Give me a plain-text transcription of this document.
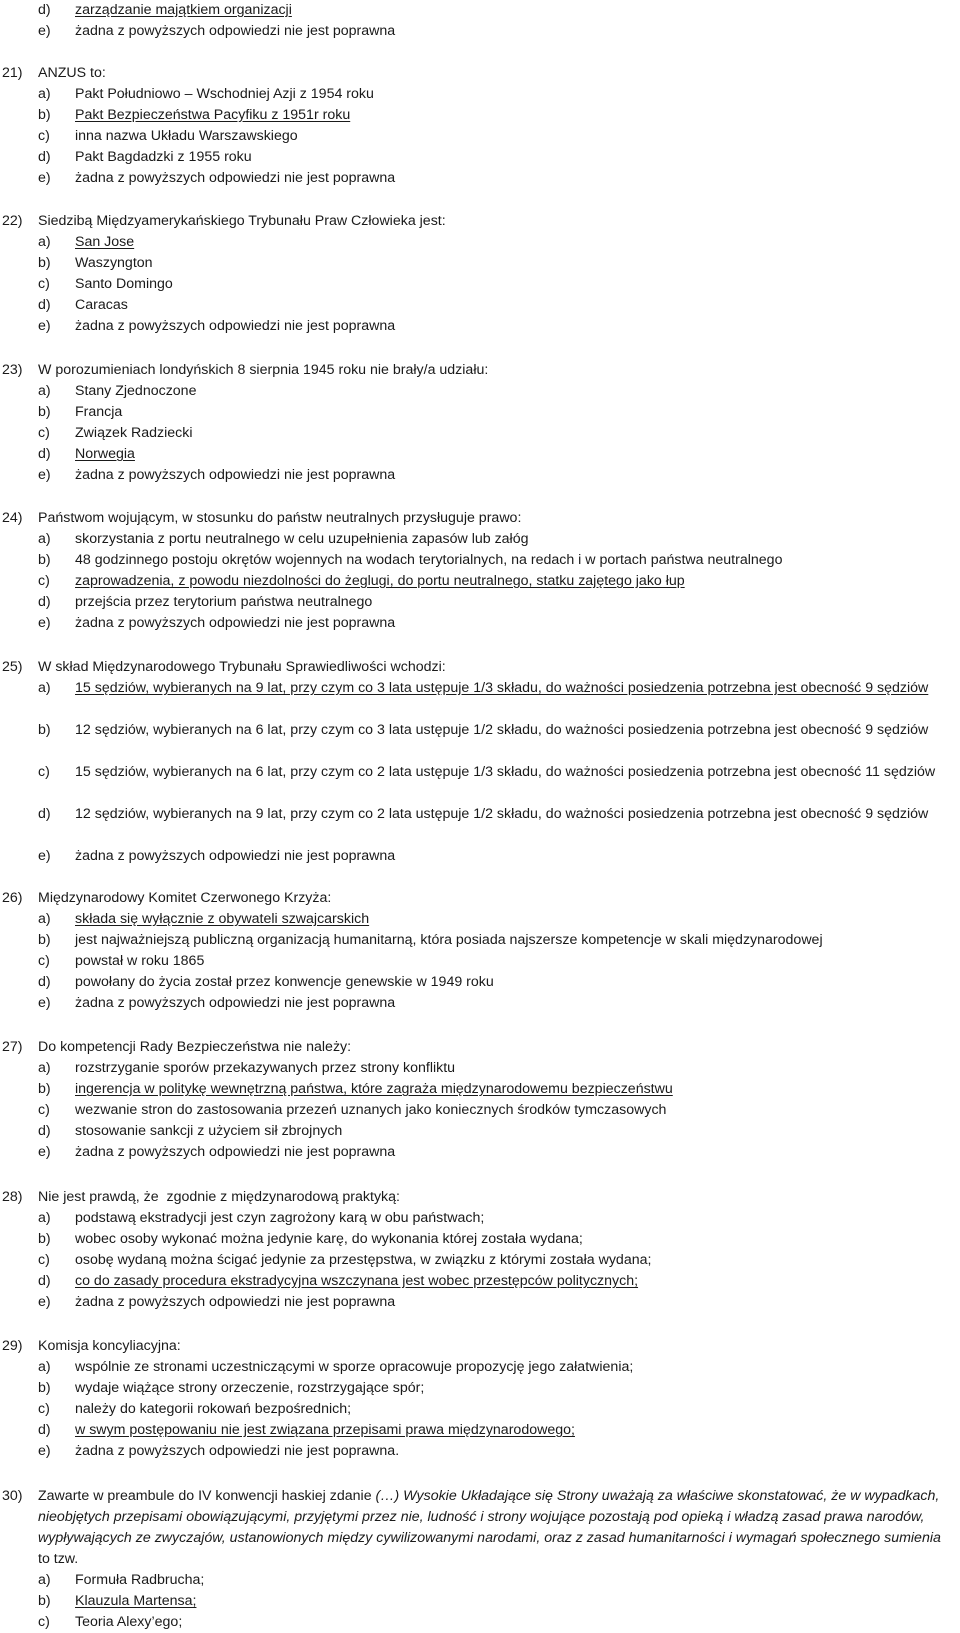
d) zarządzanie majątkiem organizacji
e) żadna z powyższych odpowiedzi nie jest poprawna
21) ANZUS to:
a) Pakt Południowo – Wschodniej Azji z 1954 roku
b) Pakt Bezpieczeństwa Pacyfiku z 1951r roku
c) inna nazwa Układu Warszawskiego
d) Pakt Bagdadzki z 1955 roku
e) żadna z powyższych odpowiedzi nie jest poprawna
22) Siedzibą Międzyamerykańskiego Trybunału Praw Człowieka jest:
a) San Jose
b) Waszyngton
c) Santo Domingo
d) Caracas
e) żadna z powyższych odpowiedzi nie jest poprawna
23) W porozumieniach londyńskich 8 sierpnia 1945 roku nie brały/a udziału:
a) Stany Zjednoczone
b) Francja
c) Związek Radziecki
d) Norwegia
e) żadna z powyższych odpowiedzi nie jest poprawna
24) Państwom wojującym, w stosunku do państw neutralnych przysługuje prawo:
a) skorzystania z portu neutralnego w celu uzupełnienia zapasów lub załóg
b) 48 godzinnego postoju okrętów wojennych na wodach terytorialnych, na redach i w portach państwa neutralnego
c) zaprowadzenia, z powodu niezdolności do żeglugi, do portu neutralnego, statku zajętego jako łup
d) przejścia przez terytorium państwa neutralnego
e) żadna z powyższych odpowiedzi nie jest poprawna
25) W skład Międzynarodowego Trybunału Sprawiedliwości wchodzi:
a) 15 sędziów, wybieranych na 9 lat, przy czym co 3 lata ustępuje 1/3 składu, do ważności posiedzenia potrzebna jest obecność 9 sędziów
b) 12 sędziów, wybieranych na 6 lat, przy czym co 3 lata ustępuje 1/2 składu, do ważności posiedzenia potrzebna jest obecność 9 sędziów
c) 15 sędziów, wybieranych na 6 lat, przy czym co 2 lata ustępuje 1/3 składu, do ważności posiedzenia potrzebna jest obecność 11 sędziów
d) 12 sędziów, wybieranych na 9 lat, przy czym co 2 lata ustępuje 1/2 składu, do ważności posiedzenia potrzebna jest obecność 9 sędziów
e) żadna z powyższych odpowiedzi nie jest poprawna
26) Międzynarodowy Komitet Czerwonego Krzyża:
a) składa się wyłącznie z obywateli szwajcarskich
b) jest najważniejszą publiczną organizacją humanitarną, która posiada najszersze kompetencje w skali międzynarodowej
c) powstał w roku 1865
d) powołany do życia został przez konwencje genewskie w 1949 roku
e) żadna z powyższych odpowiedzi nie jest poprawna
27) Do kompetencji Rady Bezpieczeństwa nie należy:
a) rozstrzyganie sporów przekazywanych przez strony konfliktu
b) ingerencja w politykę wewnętrzną państwa, które zagraża międzynarodowemu bezpieczeństwu
c) wezwanie stron do zastosowania przezeń uznanych jako koniecznych środków tymczasowych
d) stosowanie sankcji z użyciem sił zbrojnych
e) żadna z powyższych odpowiedzi nie jest poprawna
28) Nie jest prawdą, że  zgodnie z międzynarodową praktyką:
a) podstawą ekstradycji jest czyn zagrożony karą w obu państwach;
b) wobec osoby wykonać można jedynie karę, do wykonania której została wydana;
c) osobę wydaną można ścigać jedynie za przestępstwa, w związku z którymi została wydana;
d) co do zasady procedura ekstradycyjna wszczynana jest wobec przestępców politycznych;
e) żadna z powyższych odpowiedzi nie jest poprawna
29) Komisja koncyliacyjna:
a) wspólnie ze stronami uczestniczącymi w sporze opracowuje propozycję jego załatwienia;
b) wydaje wiążące strony orzeczenie, rozstrzygające spór;
c) należy do kategorii rokowań bezpośrednich;
d) w swym postępowaniu nie jest związana przepisami prawa międzynarodowego;
e) żadna z powyższych odpowiedzi nie jest poprawna.
30) Zawarte w preambule do IV konwencji haskiej zdanie (…) Wysokie Układające się Strony uważają za właściwe skonstatować, że w wypadkach, nieobjętych przepisami obowiązującymi, przyjętymi przez nie, ludność i strony wojujące pozostają pod opieką i władzą zasad prawa narodów, wypływających ze zwyczajów, ustanowionych między cywilizowanymi narodami, oraz z zasad humanitarności i wymagań społecznego sumienia to tzw.
a) Formuła Radbrucha;
b) Klauzula Martensa;
c) Teoria Alexy’ego;
